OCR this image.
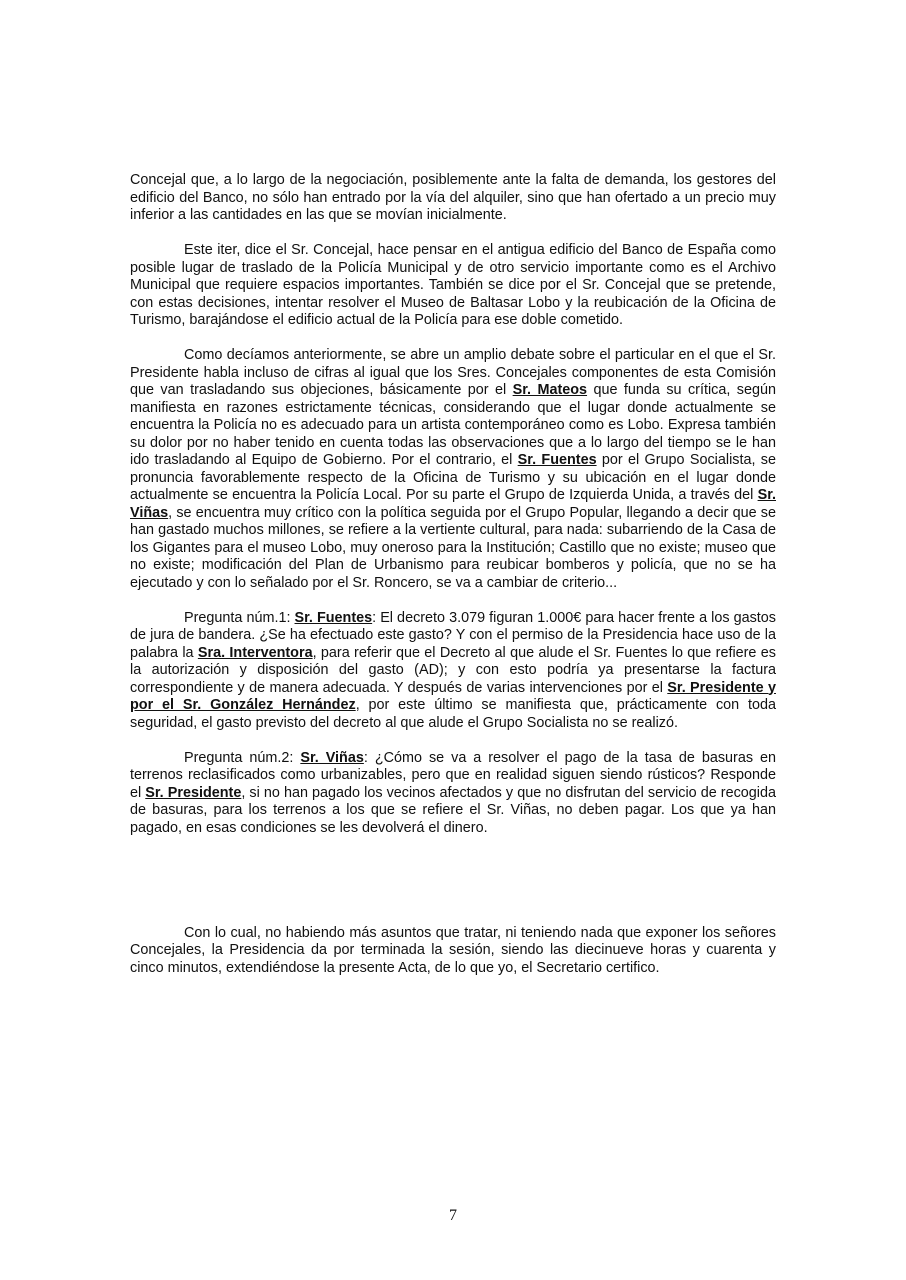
Concejal que, a lo largo de la negociación, posiblemente ante la falta de demanda, los gestores del edificio del Banco, no sólo han entrado por la vía del alquiler, sino que han ofertado a un precio muy inferior a las cantidades en las que se movían inicialmente.

Este iter, dice el Sr. Concejal, hace pensar en el antigua edificio del Banco de España como posible lugar de traslado de la Policía Municipal y de otro servicio importante como es el Archivo Municipal que requiere espacios importantes. También se dice por el Sr. Concejal que se pretende, con estas decisiones, intentar resolver el Museo de Baltasar Lobo y la reubicación de la Oficina de Turismo, barajándose el edificio actual de la Policía para ese doble cometido.

Como decíamos anteriormente, se abre un amplio debate sobre el particular en el que el Sr. Presidente habla incluso de cifras al igual que los Sres. Concejales componentes de esta Comisión que van trasladando sus objeciones, básicamente por el Sr. Mateos que funda su crítica, según manifiesta en razones estrictamente técnicas, considerando que el lugar donde actualmente se encuentra la Policía no es adecuado para un artista contemporáneo como es Lobo. Expresa también su dolor por no haber tenido en cuenta todas las observaciones que a lo largo del tiempo se le han ido trasladando al Equipo de Gobierno. Por el contrario, el Sr. Fuentes por el Grupo Socialista, se pronuncia favorablemente respecto de la Oficina de Turismo y su ubicación en el lugar donde actualmente se encuentra la Policía Local. Por su parte el Grupo de Izquierda Unida, a través del Sr. Viñas, se encuentra muy crítico con la política seguida por el Grupo Popular, llegando a decir que se han gastado muchos millones, se refiere a la vertiente cultural, para nada: subarriendo de la Casa de los Gigantes para el museo Lobo, muy oneroso para la Institución; Castillo que no existe; museo que no existe; modificación del Plan de Urbanismo para reubicar bomberos y policía, que no se ha ejecutado y con lo señalado por el Sr. Roncero, se va a cambiar de criterio...

Pregunta núm.1: Sr. Fuentes: El decreto 3.079 figuran 1.000€ para hacer frente a los gastos de jura de bandera. ¿Se ha efectuado este gasto? Y con el permiso de la Presidencia hace uso de la palabra la Sra. Interventora, para referir que el Decreto al que alude el Sr. Fuentes lo que refiere es la autorización y disposición del gasto (AD); y con esto podría ya presentarse la factura correspondiente y de manera adecuada. Y después de varias intervenciones por el Sr. Presidente y por el Sr. González Hernández, por este último se manifiesta que, prácticamente con toda seguridad, el gasto previsto del decreto al que alude el Grupo Socialista no se realizó.

Pregunta núm.2: Sr. Viñas: ¿Cómo se va a resolver el pago de la tasa de basuras en terrenos reclasificados como urbanizables, pero que en realidad siguen siendo rústicos? Responde el Sr. Presidente, si no han pagado los vecinos afectados y que no disfrutan del servicio de recogida de basuras, para los terrenos a los que se refiere el Sr. Viñas, no deben pagar. Los que ya han pagado, en esas condiciones se les devolverá el dinero.

Con lo cual, no habiendo más asuntos que tratar, ni teniendo nada que exponer los señores Concejales, la Presidencia da por terminada la sesión, siendo las diecinueve horas y cuarenta y cinco minutos, extendiéndose la presente Acta, de lo que yo, el Secretario certifico.

7
